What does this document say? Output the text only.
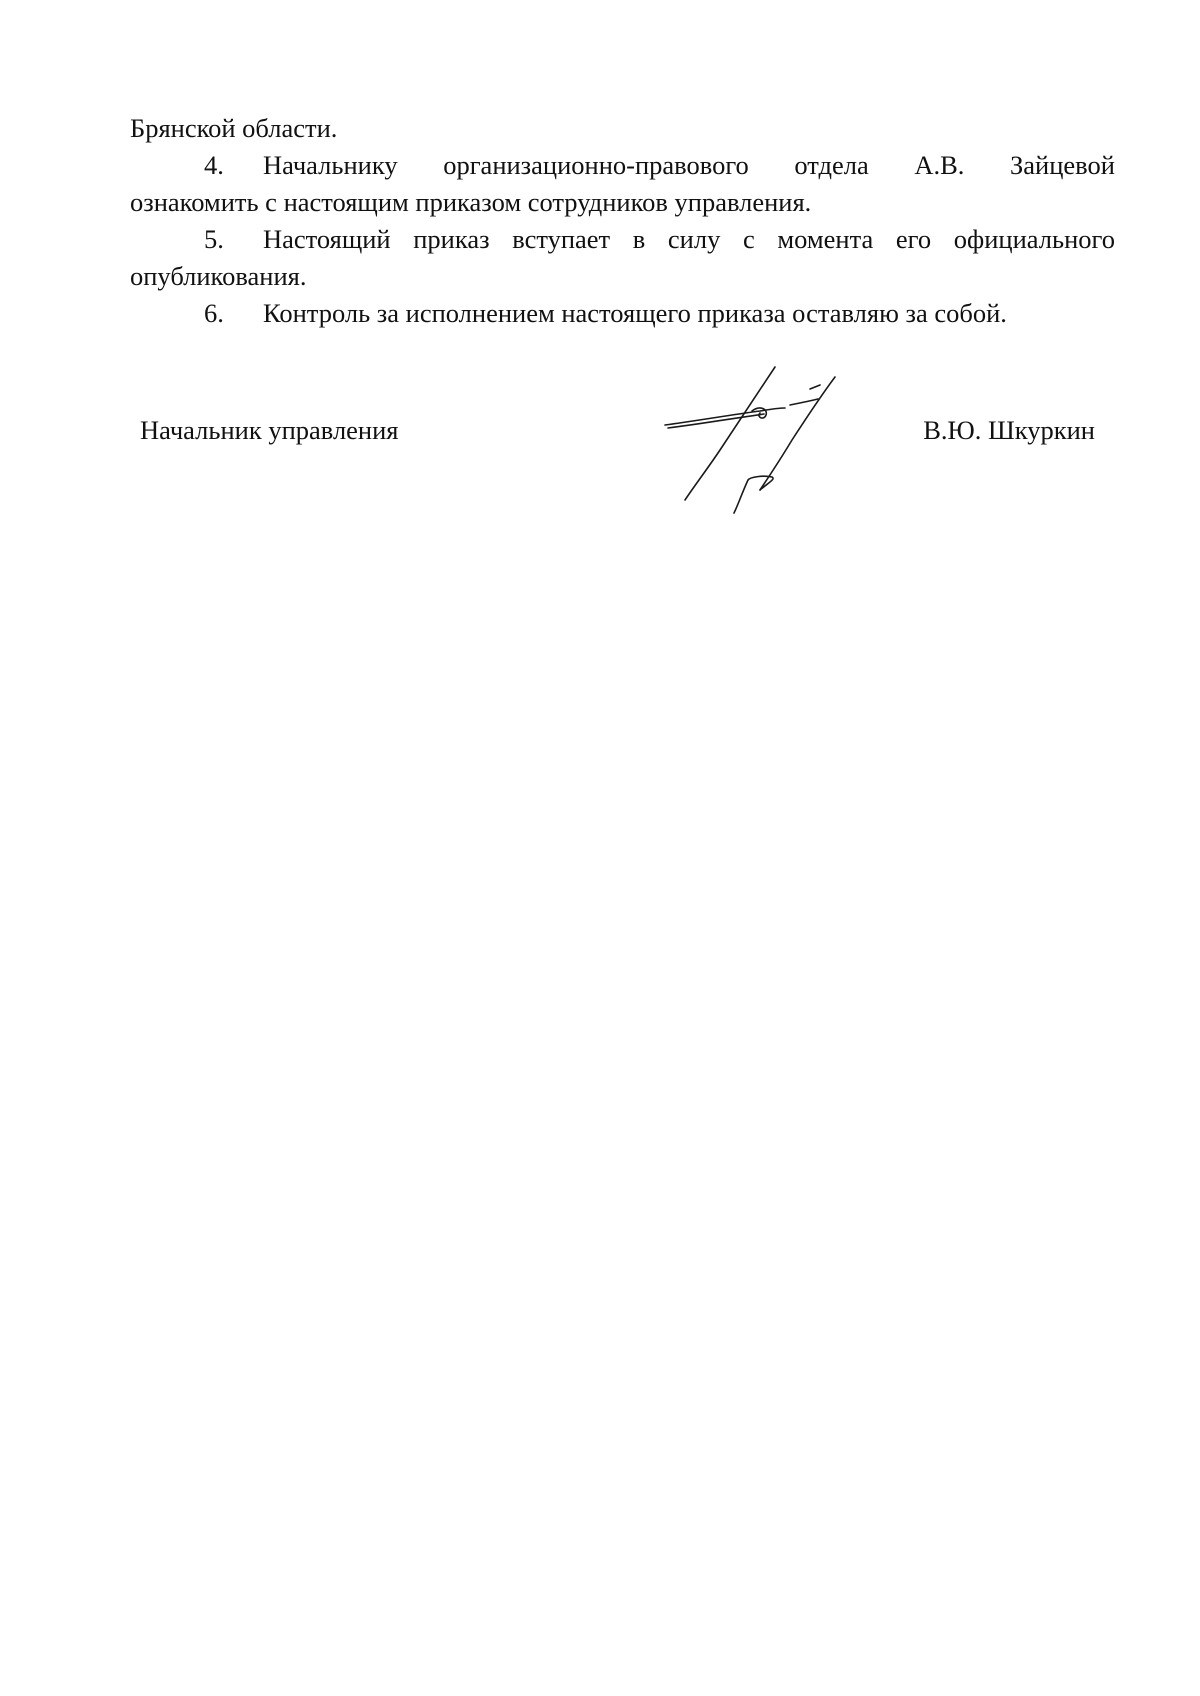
Брянской области.
4.	Начальнику организационно-правового отдела А.В. Зайцевой
ознакомить с настоящим приказом сотрудников управления.
5.	Настоящий приказ вступает в силу с момента его официального
опубликования.
6.	Контроль за исполнением настоящего приказа оставляю за собой.
Начальник управления	В.Ю. Шкуркин
